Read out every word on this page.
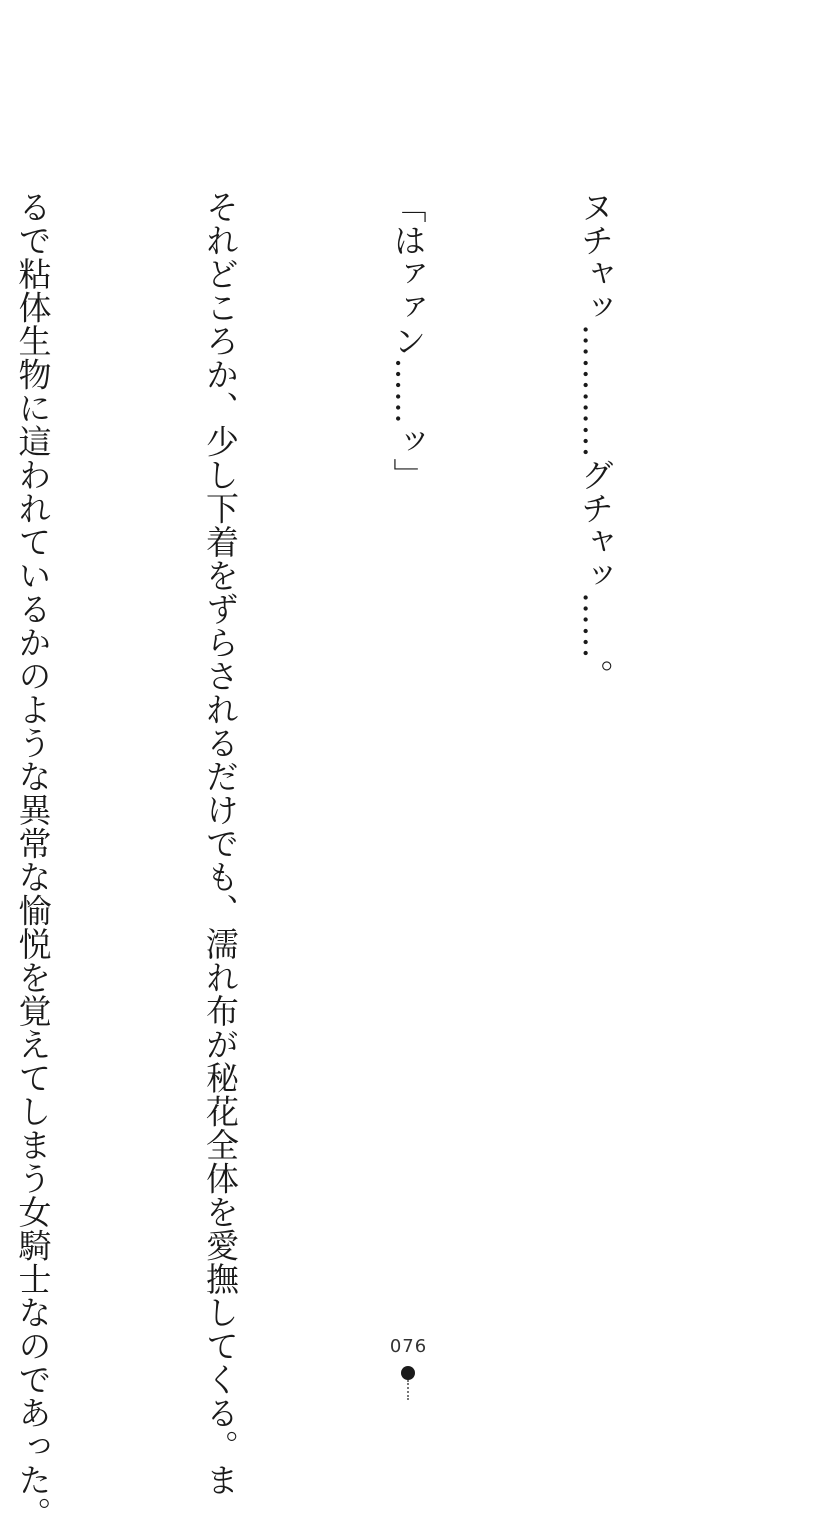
ヌチャッ…………グチャッ……。

「はァァン……ッ」

それどころか、少し下着をずらされるだけでも、濡れ布が秘花全体を愛撫してくる。ま

るで粘体生物に這われているかのような異常な愉悦を覚えてしまう女騎士なのであった。

	076
